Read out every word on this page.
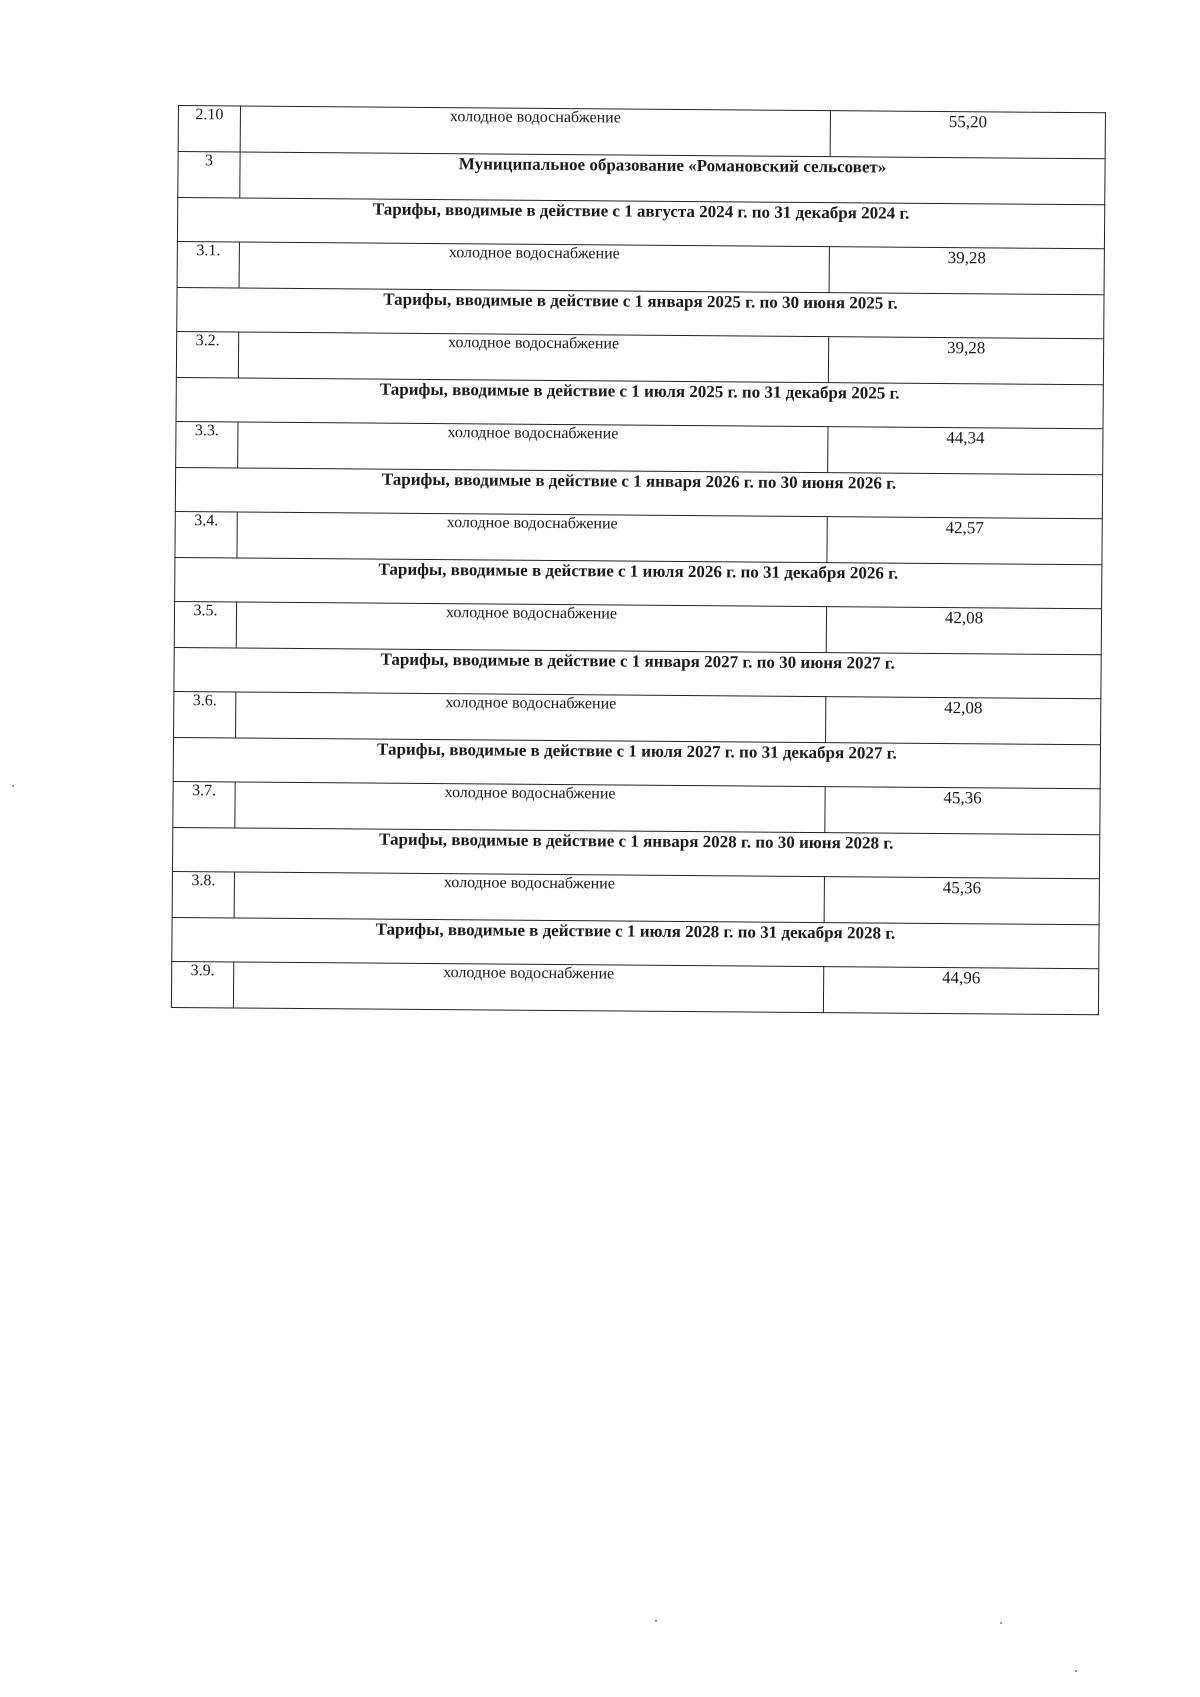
2.10	холодное водоснабжение	55,20
3	Муниципальное образование «Романовский сельсовет»	
Тарифы, вводимые в действие с 1 августа 2024 г. по 31 декабря 2024 г.		
3.1.	холодное водоснабжение	39,28
Тарифы, вводимые в действие с 1 января 2025 г. по 30 июня 2025 г.		
3.2.	холодное водоснабжение	39,28
Тарифы, вводимые в действие с 1 июля 2025 г. по 31 декабря 2025 г.		
3.3.	холодное водоснабжение	44,34
Тарифы, вводимые в действие с 1 января 2026 г. по 30 июня 2026 г.		
3.4.	холодное водоснабжение	42,57
Тарифы, вводимые в действие с 1 июля 2026 г. по 31 декабря 2026 г.		
3.5.	холодное водоснабжение	42,08
Тарифы, вводимые в действие с 1 января 2027 г. по 30 июня 2027 г.		
3.6.	холодное водоснабжение	42,08
Тарифы, вводимые в действие с 1 июля 2027 г. по 31 декабря 2027 г.		
3.7.	холодное водоснабжение	45,36
Тарифы, вводимые в действие с 1 января 2028 г. по 30 июня 2028 г.		
3.8.	холодное водоснабжение	45,36
Тарифы, вводимые в действие с 1 июля 2028 г. по 31 декабря 2028 г.		
3.9.	холодное водоснабжение	44,96
